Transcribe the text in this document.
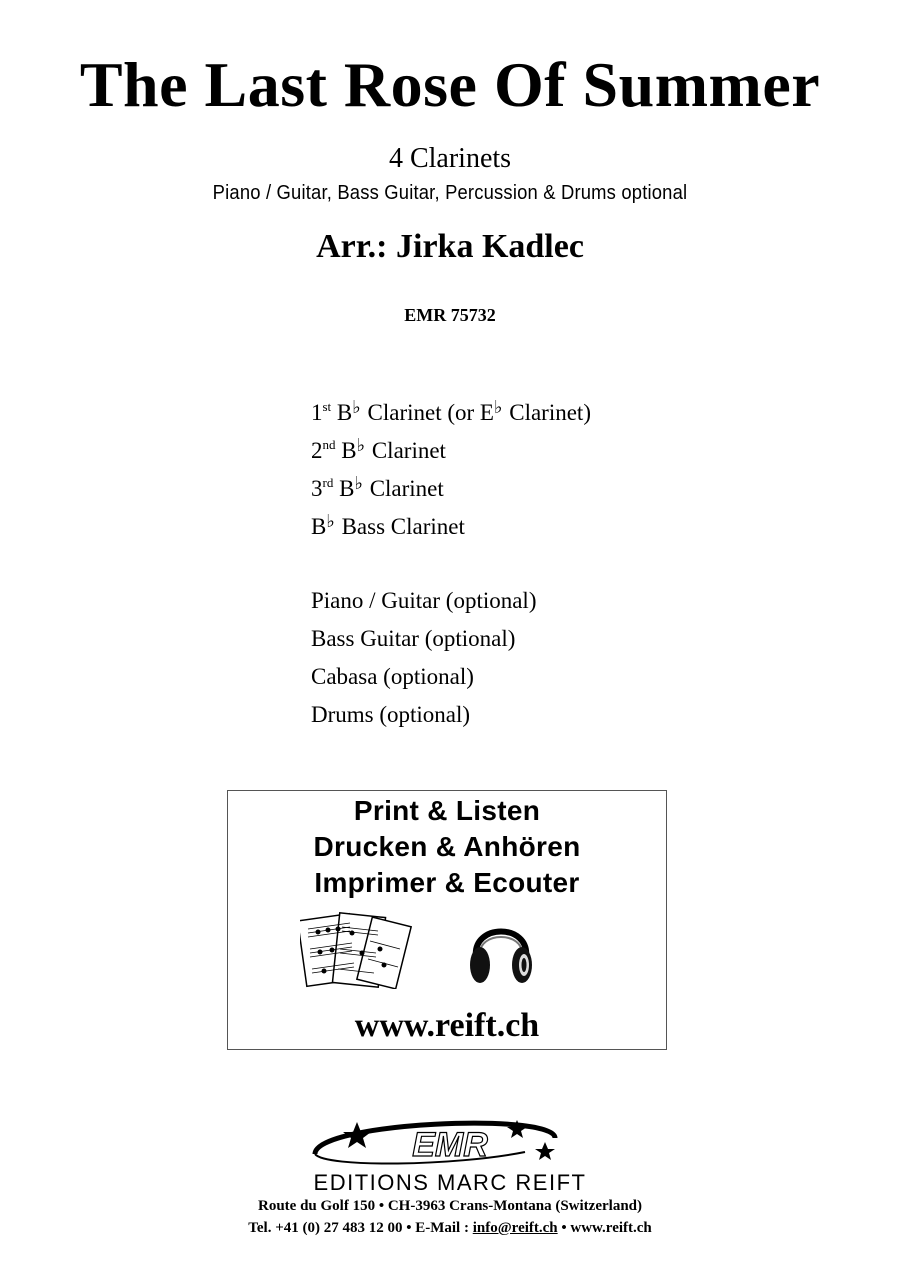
The Last Rose Of Summer
4 Clarinets
Piano / Guitar, Bass Guitar, Percussion & Drums optional
Arr.: Jirka Kadlec
EMR 75732
1st B♭ Clarinet (or E♭ Clarinet)
2nd B♭ Clarinet
3rd B♭ Clarinet
B♭ Bass Clarinet
Piano / Guitar (optional)
Bass Guitar (optional)
Cabasa (optional)
Drums (optional)
Print & Listen
Drucken & Anhören
Imprimer & Ecouter
www.reift.ch
EMR
EDITIONS MARC REIFT
Route du Golf 150 • CH-3963 Crans-Montana (Switzerland)
Tel. +41 (0) 27 483 12 00 • E-Mail : info@reift.ch • www.reift.ch
